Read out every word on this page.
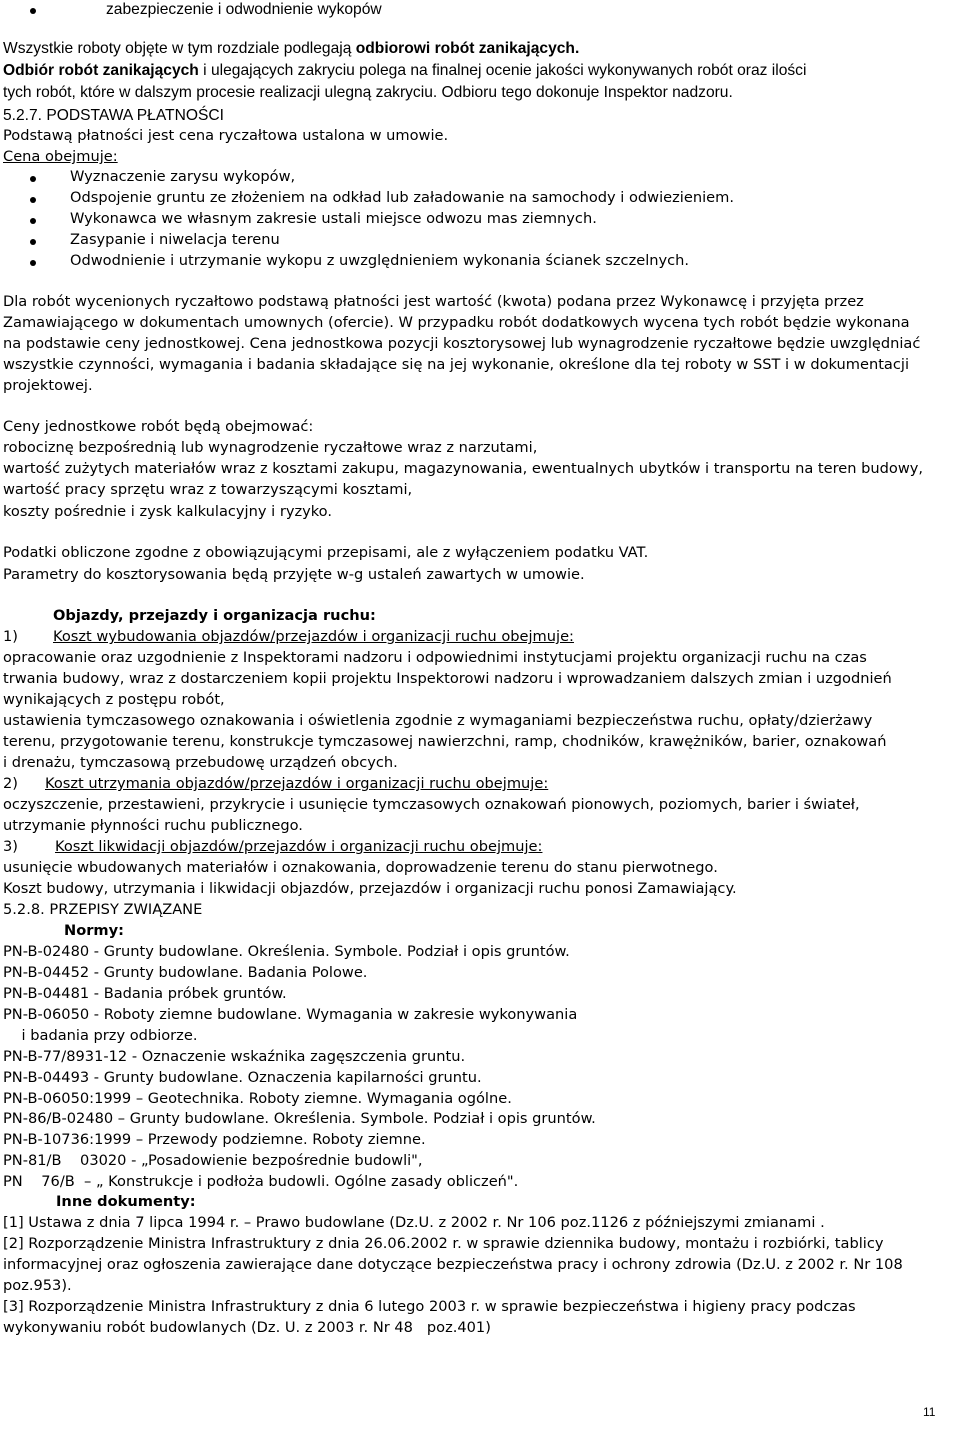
zabezpieczenie i odwodnienie wykopów
Wszystkie roboty objęte w tym rozdziale podlegają odbiorowi robót zanikających.
Odbiór robót zanikających i ulegających zakryciu polega na finalnej ocenie jakości wykonywanych robót oraz ilości
tych robót, które w dalszym procesie realizacji ulegną zakryciu. Odbioru tego dokonuje Inspektor nadzoru.
5.2.7. PODSTAWA PŁATNOŚCI
Podstawą płatności jest cena ryczałtowa ustalona w umowie.
Cena obejmuje:
Wyznaczenie zarysu wykopów,
Odspojenie gruntu ze złożeniem na odkład lub załadowanie na samochody i odwiezieniem.
Wykonawca we własnym zakresie ustali miejsce odwozu mas ziemnych.
Zasypanie i niwelacja terenu
Odwodnienie i utrzymanie wykopu z uwzględnieniem wykonania ścianek szczelnych.
Dla robót wycenionych ryczałtowo podstawą płatności jest wartość (kwota) podana przez Wykonawcę i przyjęta przez
Zamawiającego w dokumentach umownych (ofercie). W przypadku robót dodatkowych wycena tych robót będzie wykonana
na podstawie ceny jednostkowej. Cena jednostkowa pozycji kosztorysowej lub wynagrodzenie ryczałtowe będzie uwzględniać
wszystkie czynności, wymagania i badania składające się na jej wykonanie, określone dla tej roboty w SST i w dokumentacji
projektowej.
Ceny jednostkowe robót będą obejmować:
robociznę bezpośrednią lub wynagrodzenie ryczałtowe wraz z narzutami,
wartość zużytych materiałów wraz z kosztami zakupu, magazynowania, ewentualnych ubytków i transportu na teren budowy,
wartość pracy sprzętu wraz z towarzyszącymi kosztami,
koszty pośrednie i zysk kalkulacyjny i ryzyko.
Podatki obliczone zgodne z obowiązującymi przepisami, ale z wyłączeniem podatku VAT.
Parametry do kosztorysowania będą przyjęte w-g ustaleń zawartych w umowie.
Objazdy, przejazdy i organizacja ruchu:
1) Koszt wybudowania objazdów/przejazdów i organizacji ruchu obejmuje:
opracowanie oraz uzgodnienie z Inspektorami nadzoru i odpowiednimi instytucjami projektu organizacji ruchu na czas
trwania budowy, wraz z dostarczeniem kopii projektu Inspektorowi nadzoru i wprowadzaniem dalszych zmian i uzgodnień
wynikających z postępu robót,
ustawienia tymczasowego oznakowania i oświetlenia zgodnie z wymaganiami bezpieczeństwa ruchu, opłaty/dzierżawy
terenu, przygotowanie terenu, konstrukcje tymczasowej nawierzchni, ramp, chodników, krawężników, barier, oznakowań
i drenażu, tymczasową przebudowę urządzeń obcych.
2) Koszt utrzymania objazdów/przejazdów i organizacji ruchu obejmuje:
oczyszczenie, przestawieni, przykrycie i usunięcie tymczasowych oznakowań pionowych, poziomych, barier i świateł,
utrzymanie płynności ruchu publicznego.
3)	Koszt likwidacji objazdów/przejazdów i organizacji ruchu obejmuje:
usunięcie wbudowanych materiałów i oznakowania, doprowadzenie terenu do stanu pierwotnego.
Koszt budowy, utrzymania i likwidacji objazdów, przejazdów i organizacji ruchu ponosi Zamawiający.
5.2.8. PRZEPISY ZWIĄZANE
Normy:
PN-B-02480 - Grunty budowlane. Określenia. Symbole. Podział i opis gruntów.
PN-B-04452 - Grunty budowlane. Badania Polowe.
PN-B-04481 - Badania próbek gruntów.
PN-B-06050 - Roboty ziemne budowlane. Wymagania w zakresie wykonywania
i badania przy odbiorze.
PN-B-77/8931-12 - Oznaczenie wskaźnika zagęszczenia gruntu.
PN-B-04493 - Grunty budowlane. Oznaczenia kapilarności gruntu.
PN-B-06050:1999 – Geotechnika. Roboty ziemne. Wymagania ogólne.
PN-86/B-02480 – Grunty budowlane. Określenia. Symbole. Podział i opis gruntów.
PN-B-10736:1999 – Przewody podziemne. Roboty ziemne.
PN-81/B    03020 - „Posadowienie bezpośrednie budowli",
PN    76/B  – „ Konstrukcje i podłoża budowli. Ogólne zasady obliczeń".
Inne dokumenty:
[1] Ustawa z dnia 7 lipca 1994 r. – Prawo budowlane (Dz.U. z 2002 r. Nr 106 poz.1126 z późniejszymi zmianami .
[2] Rozporządzenie Ministra Infrastruktury z dnia 26.06.2002 r. w sprawie dziennika budowy, montażu i rozbiórki, tablicy
informacyjnej oraz ogłoszenia zawierające dane dotyczące bezpieczeństwa pracy i ochrony zdrowia (Dz.U. z 2002 r. Nr 108
poz.953).
[3] Rozporządzenie Ministra Infrastruktury z dnia 6 lutego 2003 r. w sprawie bezpieczeństwa i higieny pracy podczas
wykonywaniu robót budowlanych (Dz. U. z 2003 r. Nr 48   poz.401)
11
